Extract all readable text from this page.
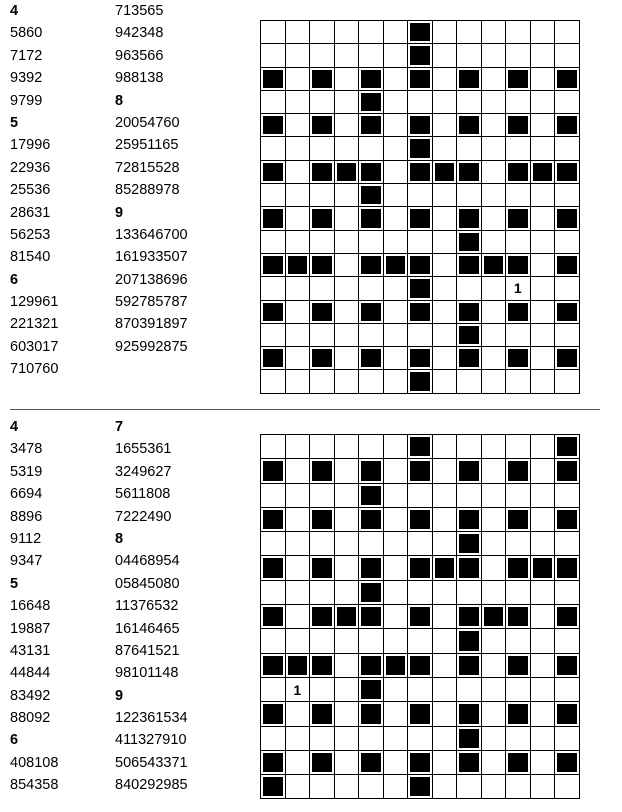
4
5860
7172
9392
9799
5
17996
22936
25536
28631
56253
81540
6
129961
221321
603017
710760
713565
942348
963566
988138
8
20054760
25951165
72815528
85288978
9
133646700
161933507
207138696
592785787
870391897
925992875
1
4
3478
5319
6694
8896
9112
9347
5
16648
19887
43131
44844
83492
88092
6
408108
854358
7
1655361
3249627
5611808
7222490
8
04468954
05845080
11376532
16146465
87641521
98101148
9
122361534
411327910
506543371
840292985
1
